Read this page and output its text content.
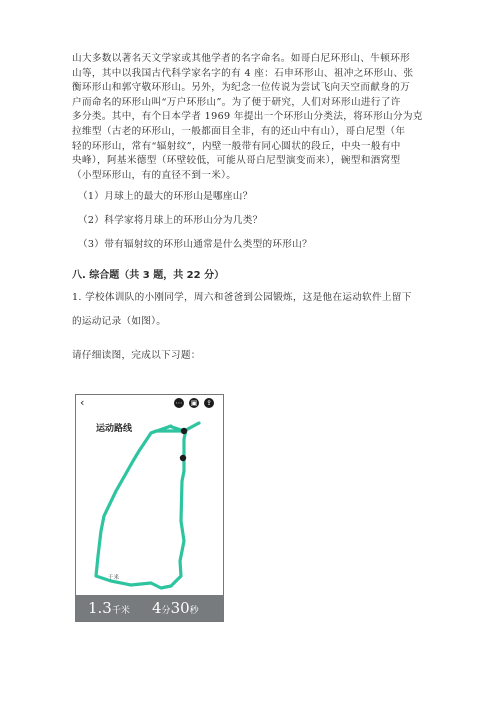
山大多数以著名天文学家或其他学者的名字命名。如哥白尼环形山、牛顿环形
山等，其中以我国古代科学家名字的有 4 座：石申环形山、祖冲之环形山、张
衡环形山和郭守敬环形山。另外，为纪念一位传说为尝试飞向天空而献身的万
户而命名的环形山叫“万户环形山”。为了便于研究，人们对环形山进行了许
多分类。其中，有个日本学者 1969 年提出一个环形山分类法，将环形山分为克
拉维型（古老的环形山，一般都面目全非，有的还山中有山），哥白尼型（年
轻的环形山，常有“辐射纹”，内壁一般带有同心圆状的段丘，中央一般有中
央峰），阿基米德型（环壁较低，可能从哥白尼型演变而来），碗型和酒窝型
（小型环形山，有的直径不到一米）。
（1）月球上的最大的环形山是哪座山？
（2）科学家将月球上的环形山分为几类？
（3）带有辐射纹的环形山通常是什么类型的环形山？
八. 综合题（共 3 题，共 22 分）
1. 学校体训队的小刚同学，周六和爸爸到公园锻炼，这是他在运动软件上留下
的运动记录（如图）。
请仔细读图，完成以下习题：
‹	⋯ ▣ ⇪
运动路线
千米
1.3千米 4分30秒
